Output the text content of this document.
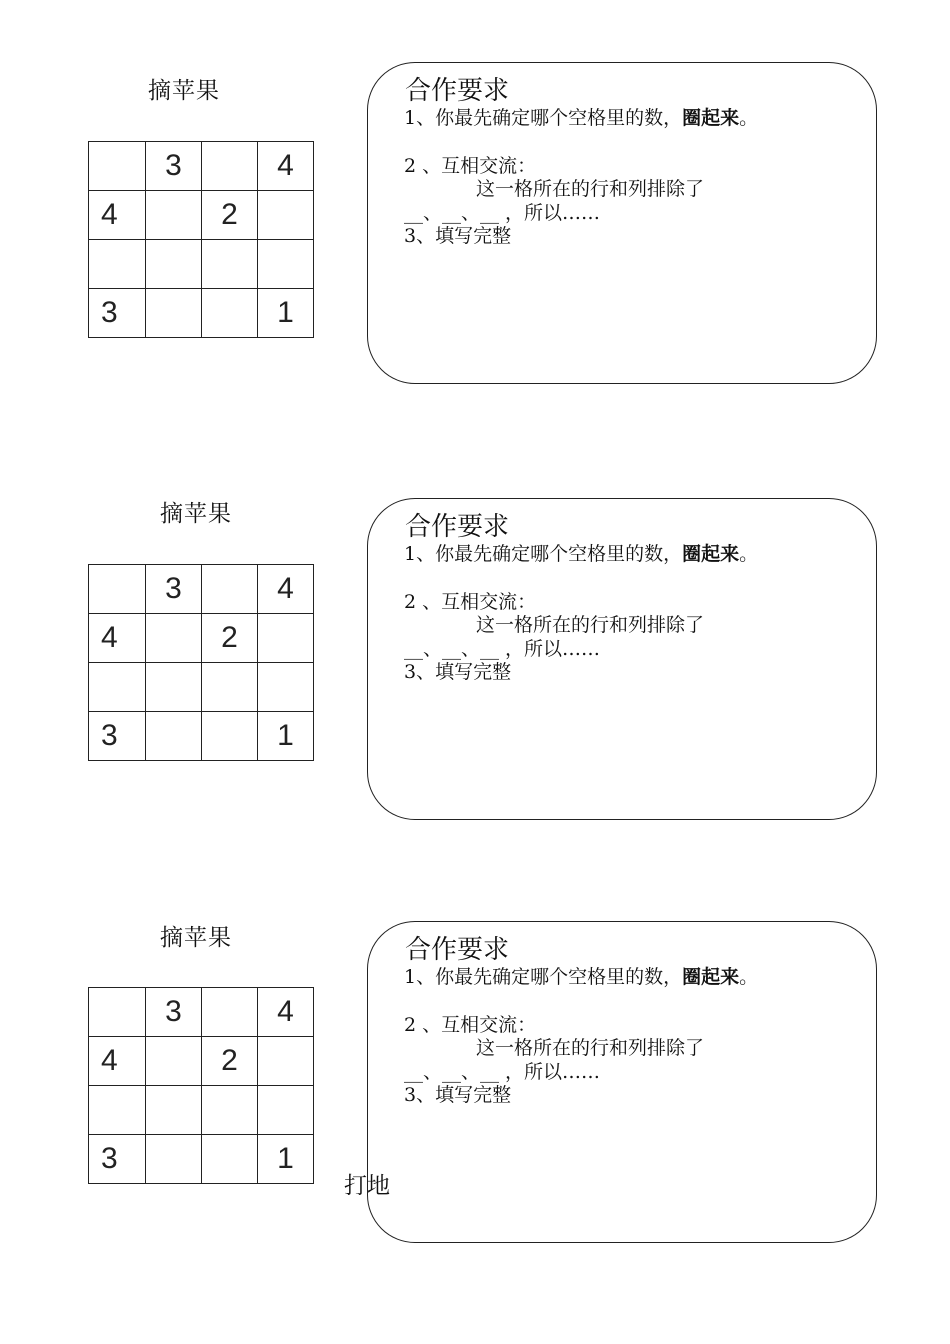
摘苹果
	3		4
4		2	

3			1
合作要求
1、你最先确定哪个空格里的数，圈起来。
2 、互相交流：
这一格所在的行和列排除了
__、__、__ ，所以……
3、填写完整
摘苹果
	3		4
4		2	

3			1
合作要求
1、你最先确定哪个空格里的数，圈起来。
2 、互相交流：
这一格所在的行和列排除了
__、__、__ ，所以……
3、填写完整
摘苹果
	3		4
4		2	

3			1
合作要求
1、你最先确定哪个空格里的数，圈起来。
2 、互相交流：
这一格所在的行和列排除了
__、__、__ ，所以……
3、填写完整
打地
